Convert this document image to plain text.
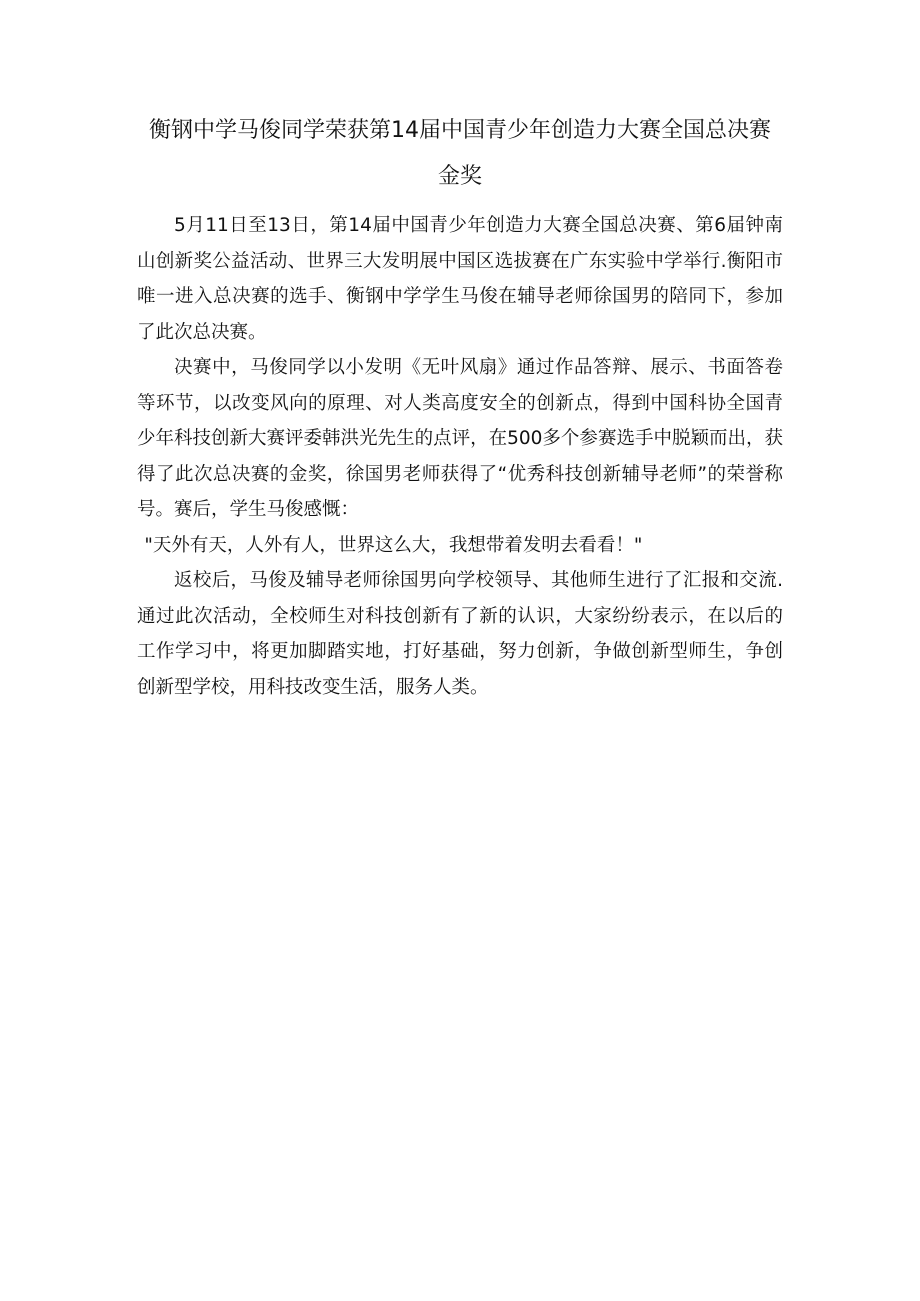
衡钢中学马俊同学荣获第14届中国青少年创造力大赛全国总决赛金奖

5月11日至13日，第14届中国青少年创造力大赛全国总决赛、第6届钟南山创新奖公益活动、世界三大发明展中国区选拔赛在广东实验中学举行.衡阳市唯一进入总决赛的选手、衡钢中学学生马俊在辅导老师徐国男的陪同下，参加了此次总决赛。

决赛中，马俊同学以小发明《无叶风扇》通过作品答辩、展示、书面答卷等环节，以改变风向的原理、对人类高度安全的创新点，得到中国科协全国青少年科技创新大赛评委韩洪光先生的点评，在500多个参赛选手中脱颖而出，获得了此次总决赛的金奖，徐国男老师获得了“优秀科技创新辅导老师”的荣誉称号。赛后，学生马俊感慨：

"天外有天，人外有人，世界这么大，我想带着发明去看看！"

返校后，马俊及辅导老师徐国男向学校领导、其他师生进行了汇报和交流.通过此次活动，全校师生对科技创新有了新的认识，大家纷纷表示，在以后的工作学习中，将更加脚踏实地，打好基础，努力创新，争做创新型师生，争创创新型学校，用科技改变生活，服务人类。
